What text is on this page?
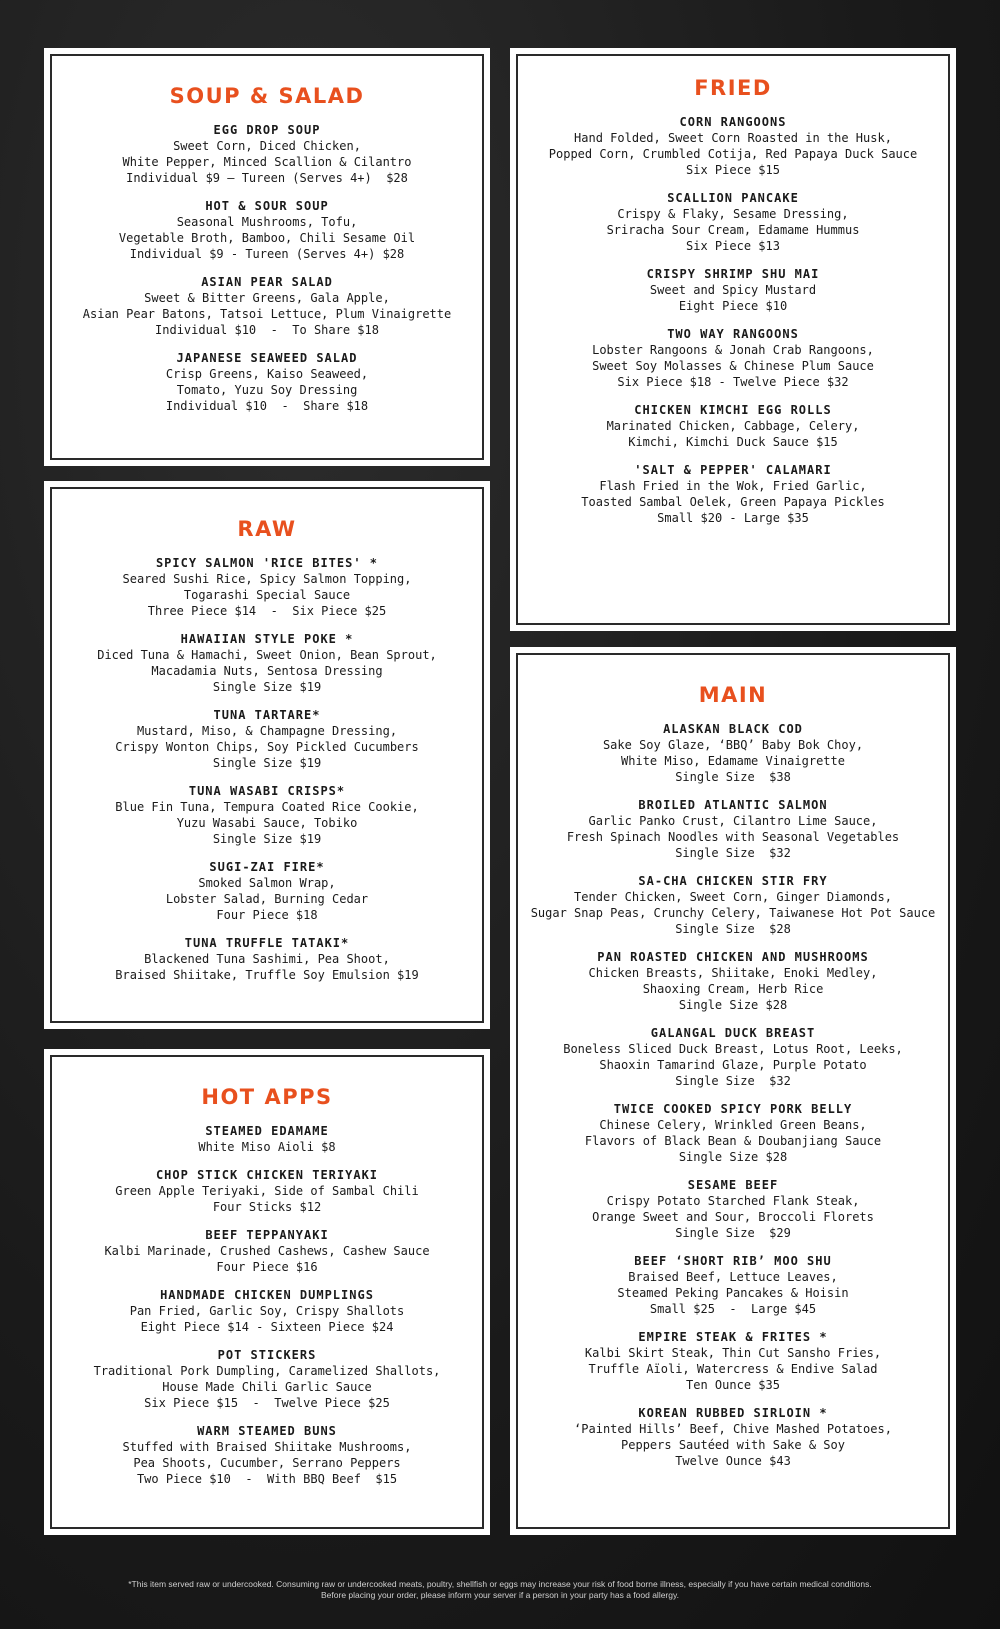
SOUP & SALAD
EGG DROP SOUP
Sweet Corn, Diced Chicken,
White Pepper, Minced Scallion & Cilantro
Individual $9 – Tureen (Serves 4+)  $28
HOT & SOUR SOUP
Seasonal Mushrooms, Tofu,
Vegetable Broth, Bamboo, Chili Sesame Oil
Individual $9 - Tureen (Serves 4+) $28
ASIAN PEAR SALAD
Sweet & Bitter Greens, Gala Apple,
Asian Pear Batons, Tatsoi Lettuce, Plum Vinaigrette
Individual $10  -  To Share $18
JAPANESE SEAWEED SALAD
Crisp Greens, Kaiso Seaweed,
Tomato, Yuzu Soy Dressing
Individual $10  -  Share $18
RAW
SPICY SALMON 'RICE BITES' *
Seared Sushi Rice, Spicy Salmon Topping,
Togarashi Special Sauce
Three Piece $14  -  Six Piece $25
HAWAIIAN STYLE POKE *
Diced Tuna & Hamachi, Sweet Onion, Bean Sprout,
Macadamia Nuts, Sentosa Dressing
Single Size $19
TUNA TARTARE*
Mustard, Miso, & Champagne Dressing,
Crispy Wonton Chips, Soy Pickled Cucumbers
Single Size $19
TUNA WASABI CRISPS*
Blue Fin Tuna, Tempura Coated Rice Cookie,
Yuzu Wasabi Sauce, Tobiko
Single Size $19
SUGI-ZAI FIRE*
Smoked Salmon Wrap,
Lobster Salad, Burning Cedar
Four Piece $18
TUNA TRUFFLE TATAKI*
Blackened Tuna Sashimi, Pea Shoot,
Braised Shiitake, Truffle Soy Emulsion $19
HOT APPS
STEAMED EDAMAME
White Miso Aioli $8
CHOP STICK CHICKEN TERIYAKI
Green Apple Teriyaki, Side of Sambal Chili
Four Sticks $12
BEEF TEPPANYAKI
Kalbi Marinade, Crushed Cashews, Cashew Sauce
Four Piece $16
HANDMADE CHICKEN DUMPLINGS
Pan Fried, Garlic Soy, Crispy Shallots
Eight Piece $14 - Sixteen Piece $24
POT STICKERS
Traditional Pork Dumpling, Caramelized Shallots,
House Made Chili Garlic Sauce
Six Piece $15  -  Twelve Piece $25
WARM STEAMED BUNS
Stuffed with Braised Shiitake Mushrooms,
Pea Shoots, Cucumber, Serrano Peppers
Two Piece $10  -  With BBQ Beef  $15
FRIED
CORN RANGOONS
Hand Folded, Sweet Corn Roasted in the Husk,
Popped Corn, Crumbled Cotija, Red Papaya Duck Sauce
Six Piece $15
SCALLION PANCAKE
Crispy & Flaky, Sesame Dressing,
Sriracha Sour Cream, Edamame Hummus
Six Piece $13
CRISPY SHRIMP SHU MAI
Sweet and Spicy Mustard
Eight Piece $10
TWO WAY RANGOONS
Lobster Rangoons & Jonah Crab Rangoons,
Sweet Soy Molasses & Chinese Plum Sauce
Six Piece $18 - Twelve Piece $32
CHICKEN KIMCHI EGG ROLLS
Marinated Chicken, Cabbage, Celery,
Kimchi, Kimchi Duck Sauce $15
'SALT & PEPPER' CALAMARI
Flash Fried in the Wok, Fried Garlic,
Toasted Sambal Oelek, Green Papaya Pickles
Small $20 - Large $35
MAIN
ALASKAN BLACK COD
Sake Soy Glaze, ‘BBQ’ Baby Bok Choy,
White Miso, Edamame Vinaigrette
Single Size  $38
BROILED ATLANTIC SALMON
Garlic Panko Crust, Cilantro Lime Sauce,
Fresh Spinach Noodles with Seasonal Vegetables
Single Size  $32
SA-CHA CHICKEN STIR FRY
Tender Chicken, Sweet Corn, Ginger Diamonds,
Sugar Snap Peas, Crunchy Celery, Taiwanese Hot Pot Sauce
Single Size  $28
PAN ROASTED CHICKEN AND MUSHROOMS
Chicken Breasts, Shiitake, Enoki Medley,
Shaoxing Cream, Herb Rice
Single Size $28
GALANGAL DUCK BREAST
Boneless Sliced Duck Breast, Lotus Root, Leeks,
Shaoxin Tamarind Glaze, Purple Potato
Single Size  $32
TWICE COOKED SPICY PORK BELLY
Chinese Celery, Wrinkled Green Beans,
Flavors of Black Bean & Doubanjiang Sauce
Single Size $28
SESAME BEEF
Crispy Potato Starched Flank Steak,
Orange Sweet and Sour, Broccoli Florets
Single Size  $29
BEEF ‘SHORT RIB’ MOO SHU
Braised Beef, Lettuce Leaves,
Steamed Peking Pancakes & Hoisin
Small $25  -  Large $45
EMPIRE STEAK & FRITES *
Kalbi Skirt Steak, Thin Cut Sansho Fries,
Truffle Aïoli, Watercress & Endive Salad
Ten Ounce $35
KOREAN RUBBED SIRLOIN *
‘Painted Hills’ Beef, Chive Mashed Potatoes,
Peppers Sautéed with Sake & Soy
Twelve Ounce $43
*This item served raw or undercooked. Consuming raw or undercooked meats, poultry, shellfish or eggs may increase your risk of food borne illness, especially if you have certain medical conditions.
Before placing your order, please inform your server if a person in your party has a food allergy.
